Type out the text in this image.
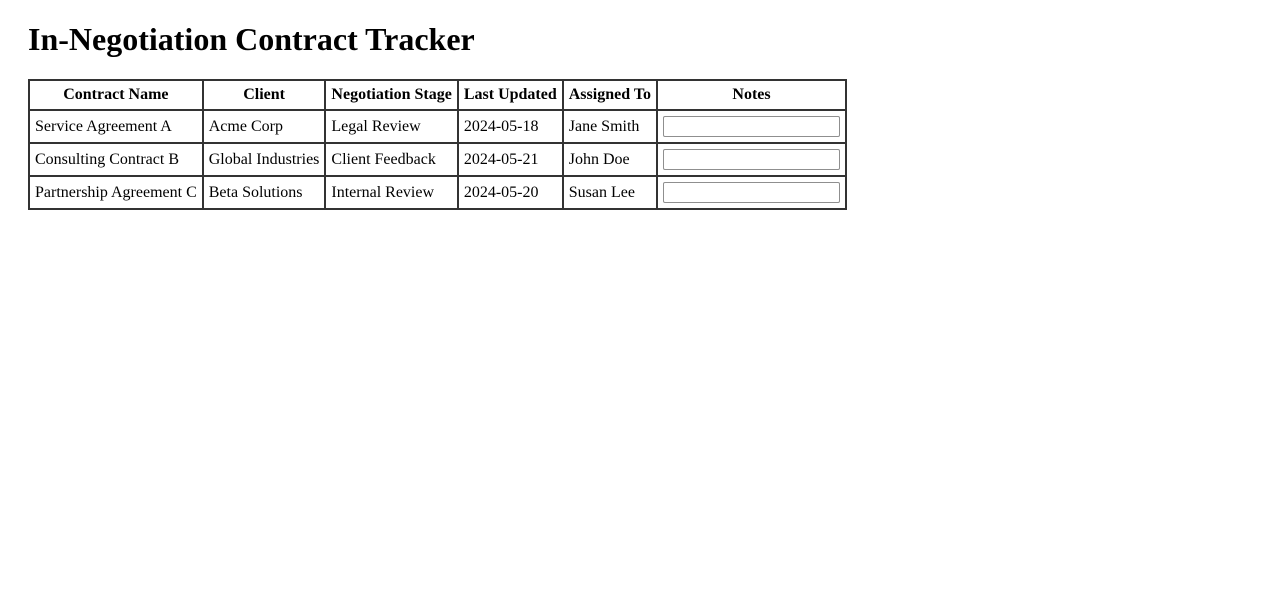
In-Negotiation Contract Tracker
Contract Name	Client	Negotiation Stage	Last Updated	Assigned To	Notes
Service Agreement A	Acme Corp	Legal Review	2024-05-18	Jane Smith	

Consulting Contract B	Global Industries	Client Feedback	2024-05-21	John Doe	

Partnership Agreement C	Beta Solutions	Internal Review	2024-05-20	Susan Lee	
